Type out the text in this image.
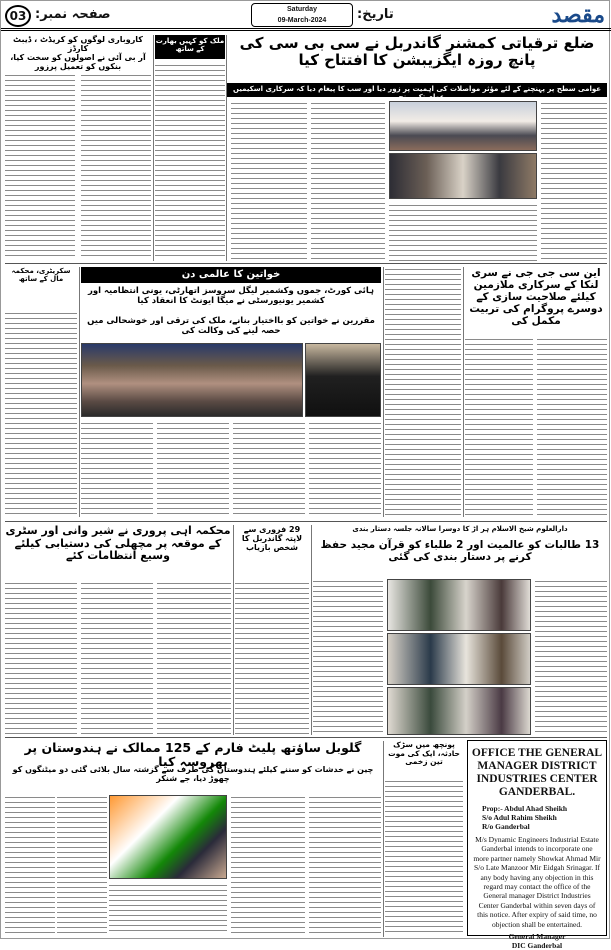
03 صفحہ نمبر:	Saturday
09-March-2024	تاریخ:	مقصد
ضلع ترقیاتی کمشنر گاندربل نے سی بی سی کی پانچ روزہ ایگزیبشن کا افتتاح کیا
عوامی سطح پر پہنچنے کے لئے مؤثر مواصلات کی اہمیت پر زور دیا اور سب کا پیغام دیا کہ سرکاری اسکیمیں عوام تک پہنچیں
کاروباری لوگوں کو کریڈٹ ، ڈیبٹ کارڈز
آر بی آئی نے اصولوں کو سخت کیا، بنکوں کو تعمیل پرزور
ملک کو کہیں بھارت کے ساتھ
خواتین کا عالمی دن
ہائی کورٹ، جموں وکشمیر لیگل سروسز اتھارٹی، یونی انتظامیہ اور کشمیر یونیورسٹی نے میگا ایونٹ کا انعقاد کیا
مقررین نے خواتین کو بااختیار بنانے، ملک کی ترقی اور خوشحالی میں حصہ لینے کی وکالت کی
سکریٹری، محکمہ مال کے ساتھ
این سی جی جی نے سری لنکا کے سرکاری ملازمین کیلئے صلاحیت سازی کے دوسرے پروگرام کی تربیت مکمل کی
دارالعلوم شیخ الاسلام ہر اڑ کا دوسرا سالانہ جلسہ دستار بندی
13 طالبات کو عالمیت اور 2 طلباء کو قرآن مجید حفظ کرنے پر دستار بندی کی گئی
29 فروری سے لاپتہ گاندربل کا شخص بازیاب
محکمہ اہی پروری نے شیر وانی اور سٹری کے موقعہ پر مچھلی کی دستیابی کیلئے وسیع انتظامات کئے
گلوبل ساؤتھ پلیٹ فارم کے 125 ممالک نے ہندوستان پر بھروسہ کیا
چین نے خدشات کو سننے کیلئے ہندوستان کی طرف سے گزشتہ سال بلائی گئی دو میٹنگوں کو چھوڑ دیا، جے شنکر
پونچھ میں سڑک حادثہ، ایک کی موت تین زخمی
OFFICE THE GENERAL MANAGER DISTRICT INDUSTRIES CENTER GANDERBAL.
Prop:- Abdul Ahad Sheikh
S/o Adul Rahim Sheikh
R/o Ganderbal
M/s Dynamic Engineers Industrial Estate Ganderbal intends to incorporate one more partner namely Showkat Ahmad Mir S/o Late Manzoor Mir Eidgah Srinagar. If any body having any objection in this regard may contact the office of the General manager District Industries Center Ganderbal within seven days of this notice. After expiry of said time, no objection shall be entertained.
General Manager
DIC Ganderbal
